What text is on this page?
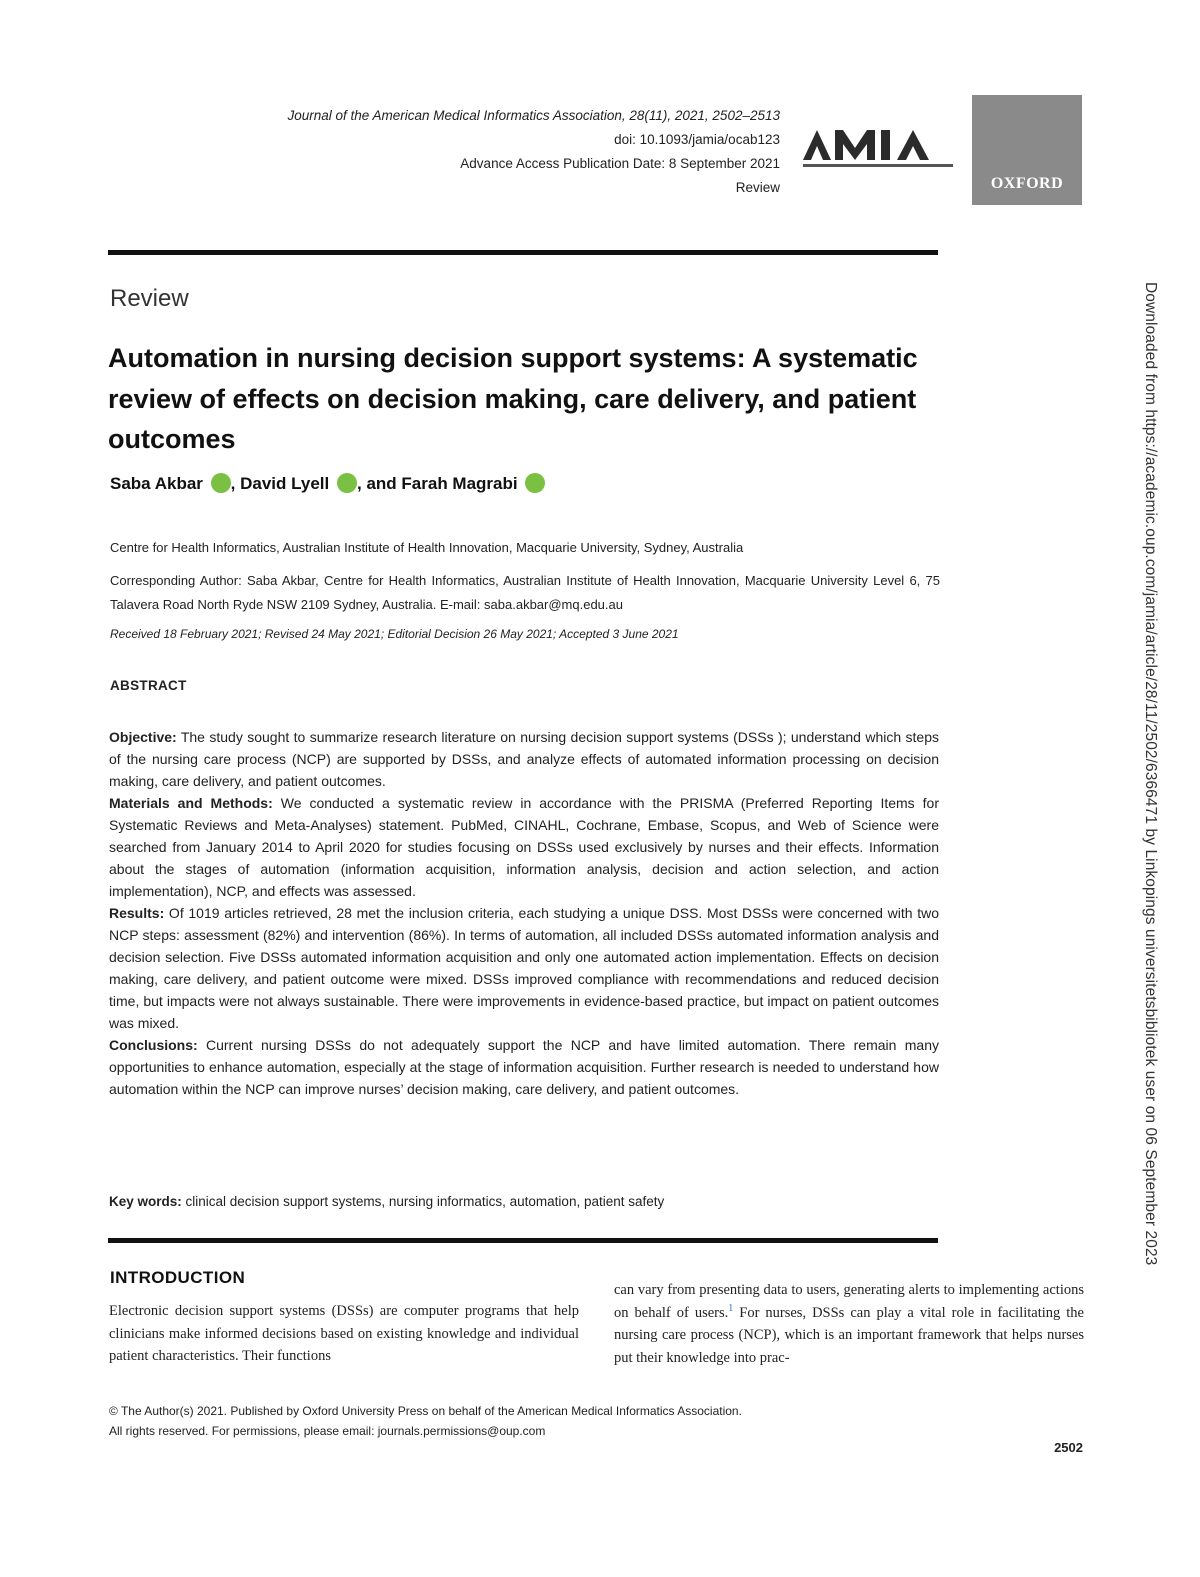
Journal of the American Medical Informatics Association, 28(11), 2021, 2502–2513
doi: 10.1093/jamia/ocab123
Advance Access Publication Date: 8 September 2021
Review	OXFORD
Review
Automation in nursing decision support systems: A systematic review of effects on decision making, care delivery, and patient outcomes
Saba Akbar , David Lyell , and Farah Magrabi
Centre for Health Informatics, Australian Institute of Health Innovation, Macquarie University, Sydney, Australia
Corresponding Author: Saba Akbar, Centre for Health Informatics, Australian Institute of Health Innovation, Macquarie University Level 6, 75 Talavera Road North Ryde NSW 2109 Sydney, Australia. E-mail: saba.akbar@mq.edu.au
Received 18 February 2021; Revised 24 May 2021; Editorial Decision 26 May 2021; Accepted 3 June 2021
ABSTRACT

Objective: The study sought to summarize research literature on nursing decision support systems (DSSs ); understand which steps of the nursing care process (NCP) are supported by DSSs, and analyze effects of automated information processing on decision making, care delivery, and patient outcomes.

Materials and Methods: We conducted a systematic review in accordance with the PRISMA (Preferred Reporting Items for Systematic Reviews and Meta-Analyses) statement. PubMed, CINAHL, Cochrane, Embase, Scopus, and Web of Science were searched from January 2014 to April 2020 for studies focusing on DSSs used exclusively by nurses and their effects. Information about the stages of automation (information acquisition, information analysis, decision and action selection, and action implementation), NCP, and effects was assessed.

Results: Of 1019 articles retrieved, 28 met the inclusion criteria, each studying a unique DSS. Most DSSs were concerned with two NCP steps: assessment (82%) and intervention (86%). In terms of automation, all included DSSs automated information analysis and decision selection. Five DSSs automated information acquisition and only one automated action implementation. Effects on decision making, care delivery, and patient outcome were mixed. DSSs improved compliance with recommendations and reduced decision time, but impacts were not always sustainable. There were improvements in evidence-based practice, but impact on patient outcomes was mixed.

Conclusions: Current nursing DSSs do not adequately support the NCP and have limited automation. There remain many opportunities to enhance automation, especially at the stage of information acquisition. Further research is needed to understand how automation within the NCP can improve nurses’ decision making, care delivery, and patient outcomes.

Key words: clinical decision support systems, nursing informatics, automation, patient safety
INTRODUCTION
Electronic decision support systems (DSSs) are computer programs that help clinicians make informed decisions based on existing knowledge and individual patient characteristics. Their functions
can vary from presenting data to users, generating alerts to implementing actions on behalf of users.$^1$ For nurses, DSSs can play a vital role in facilitating the nursing care process (NCP), which is an important framework that helps nurses put their knowledge into prac-
© The Author(s) 2021. Published by Oxford University Press on behalf of the American Medical Informatics Association.
All rights reserved. For permissions, please email: journals.permissions@oup.com
2502
Downloaded from https://academic.oup.com/jamia/article/28/11/2502/6366471 by Linkopings universitetsbibliotek user on 06 September 2023
